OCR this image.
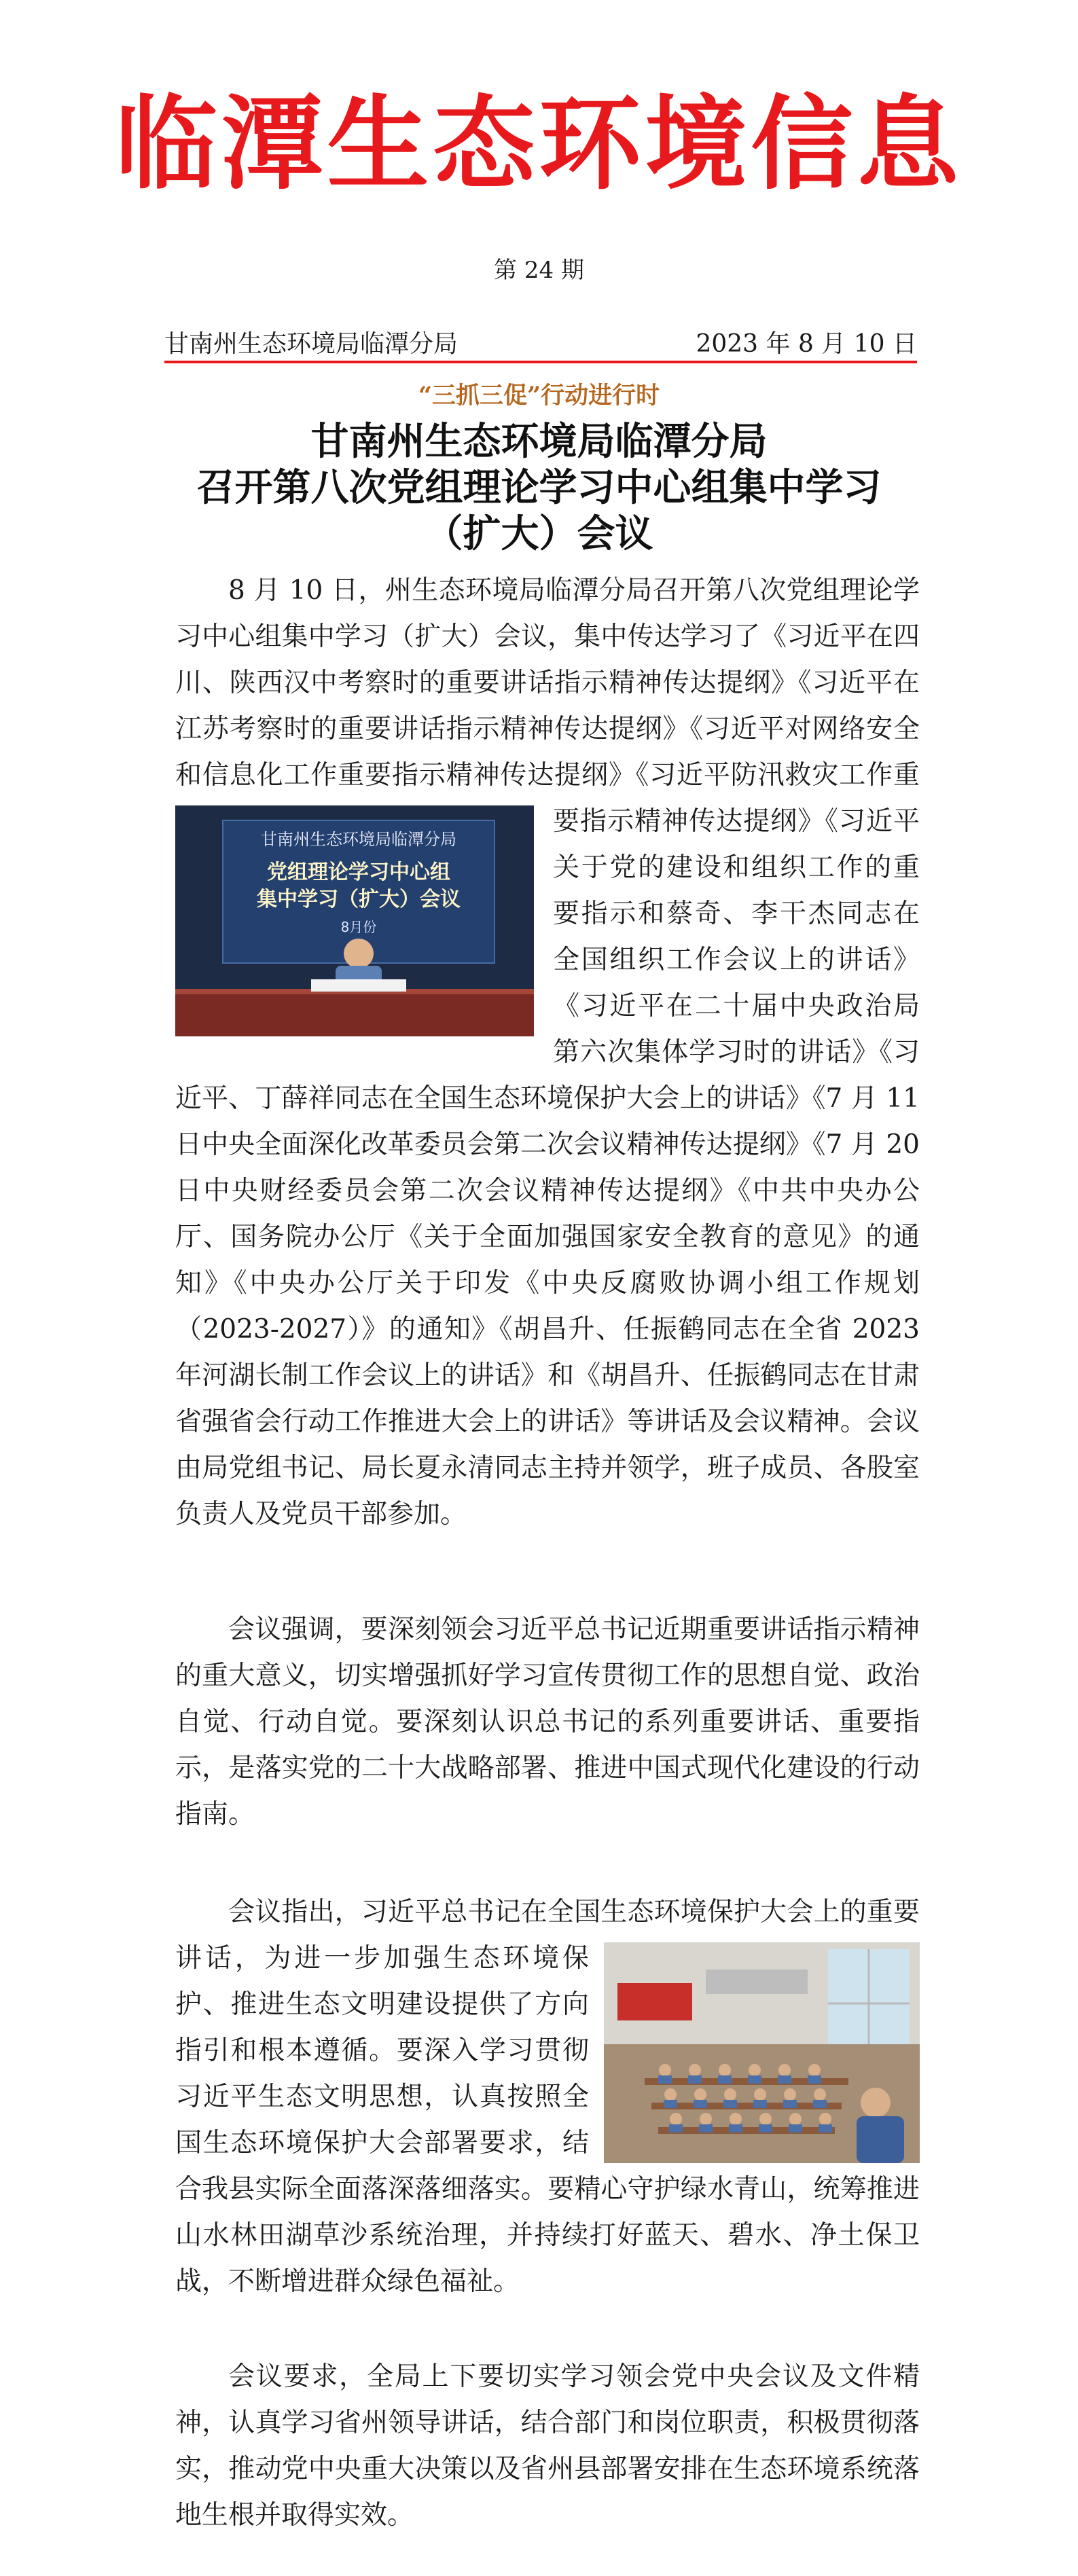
临潭生态环境信息
第 24 期
甘南州生态环境局临潭分局	2023 年 8 月 10 日
“三抓三促”行动进行时
甘南州生态环境局临潭分局
召开第八次党组理论学习中心组集中学习
（扩大）会议

8 月 10 日，州生态环境局临潭分局召开第八次党组理论学习中心组集中学习（扩大）会议，集中传达学习了《习近平在四川、陕西汉中考察时的重要讲话指示精神传达提纲》《习近平在江苏考察时的重要讲话指示精神传达提纲》《习近平对网络安全和信息化工作重要指示精神传达提纲》《习近平防汛救灾工作重要指示精神传达提纲》
甘南州生态环境局临潭分局
党组理论学习中心组
集中学习（扩大）会议
8月份
《习近平关于党的建设和组织工作的重要指示和蔡奇、李干杰同志在全国组织工作会议上的讲话》《习近平在二十届中央政治局第六次集体学习时的讲话》《习近平、丁薛祥同志在全国生态环境保护大会上的讲话》《7 月 11 日中央全面深化改革委员会第二次会议精神传达提纲》《7 月 20 日中央财经委员会第二次会议精神传达提纲》《中共中央办公厅、国务院办公厅《关于全面加强国家安全教育的意见》的通知》《中央办公厅关于印发《中央反腐败协调小组工作规划（2023-2027）》的通知》《胡昌升、任振鹤同志在全省 2023 年河湖长制工作会议上的讲话》和《胡昌升、任振鹤同志在甘肃省强省会行动工作推进大会上的讲话》等讲话及会议精神。会议由局党组书记、局长夏永清同志主持并领学，班子成员、各股室负责人及党员干部参加。

会议强调，要深刻领会习近平总书记近期重要讲话指示精神的重大意义，切实增强抓好学习宣传贯彻工作的思想自觉、政治自觉、行动自觉。要深刻认识总书记的系列重要讲话、重要指示，是落实党的二十大战略部署、推进中国式现代化建设的行动指南。

会议指出，习近平总书记在全国生态环境保护大会上的重
要讲话，为进一步加强生态环境保护、推进生态文明建设提供了方向指引和根本遵循。要深入学习贯彻习近平生态文明思想，认真按照全国生态环境保护大会部署要求，结合我县实际全面落深落细落实。要精心守护绿水青山，统筹推进山水林田湖草沙系统治理，并持续打好蓝天、碧水、净土保卫战，不断增进群众绿色福祉。

会议要求，全局上下要切实学习领会党中央会议及文件精神，认真学习省州领导讲话，结合部门和岗位职责，积极贯彻落实，推动党中央重大决策以及省州县部署安排在生态环境系统落地生根并取得实效。
